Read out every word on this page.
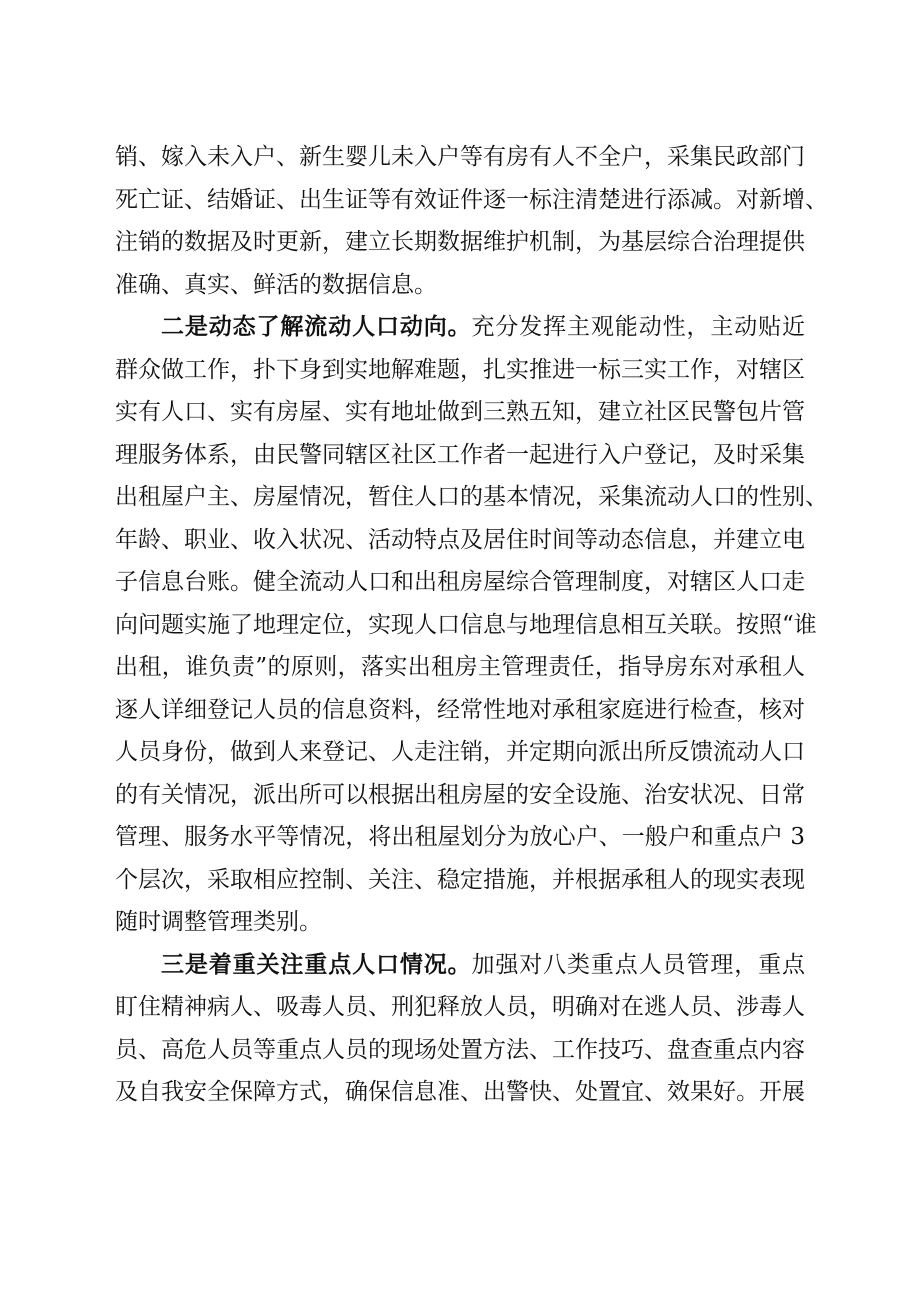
销、嫁入未入户、新生婴儿未入户等有房有人不全户，采集民政部门
死亡证、结婚证、出生证等有效证件逐一标注清楚进行添减。对新增、
注销的数据及时更新，建立长期数据维护机制，为基层综合治理提供
准确、真实、鲜活的数据信息。
二是动态了解流动人口动向。充分发挥主观能动性，主动贴近
群众做工作，扑下身到实地解难题，扎实推进一标三实工作，对辖区
实有人口、实有房屋、实有地址做到三熟五知，建立社区民警包片管
理服务体系，由民警同辖区社区工作者一起进行入户登记，及时采集
出租屋户主、房屋情况，暂住人口的基本情况，采集流动人口的性别、
年龄、职业、收入状况、活动特点及居住时间等动态信息，并建立电
子信息台账。健全流动人口和出租房屋综合管理制度，对辖区人口走
向问题实施了地理定位，实现人口信息与地理信息相互关联。按照“谁
出租，谁负责”的原则，落实出租房主管理责任，指导房东对承租人
逐人详细登记人员的信息资料，经常性地对承租家庭进行检查，核对
人员身份，做到人来登记、人走注销，并定期向派出所反馈流动人口
的有关情况，派出所可以根据出租房屋的安全设施、治安状况、日常
管理、服务水平等情况，将出租屋划分为放心户、一般户和重点户 3
个层次，采取相应控制、关注、稳定措施，并根据承租人的现实表现
随时调整管理类别。
三是着重关注重点人口情况。加强对八类重点人员管理，重点
盯住精神病人、吸毒人员、刑犯释放人员，明确对在逃人员、涉毒人
员、高危人员等重点人员的现场处置方法、工作技巧、盘查重点内容
及自我安全保障方式，确保信息准、出警快、处置宜、效果好。开展
